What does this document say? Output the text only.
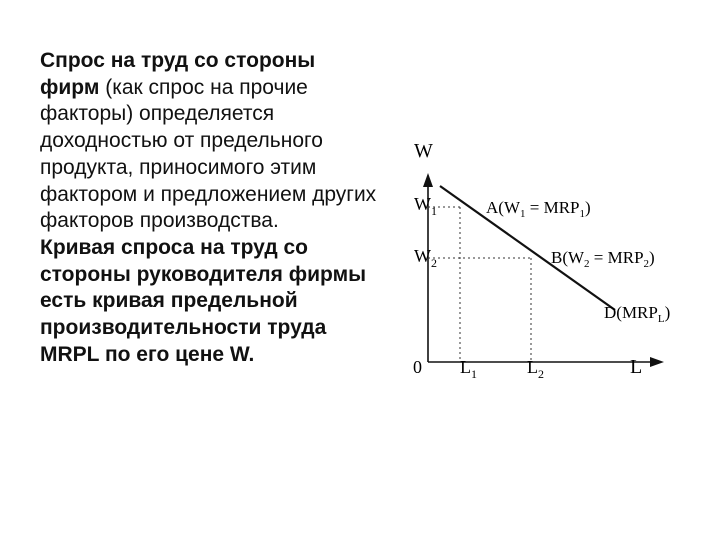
Спрос на труд со стороны фирм (как спрос на прочие факторы) определяется доходностью от предельного продукта, приносимого этим фактором и предложением других факторов производства.

Кривая спроса на труд со стороны руководителя фирмы есть кривая предельной производительности труда MRPL по его цене W.

W
L
0
$W_1$
$W_2$
$L_1$	$L_2$
$A(W_1 = MRP_1)$
$B(W_2 = MRP_2)$
$D(MRP_L)$
